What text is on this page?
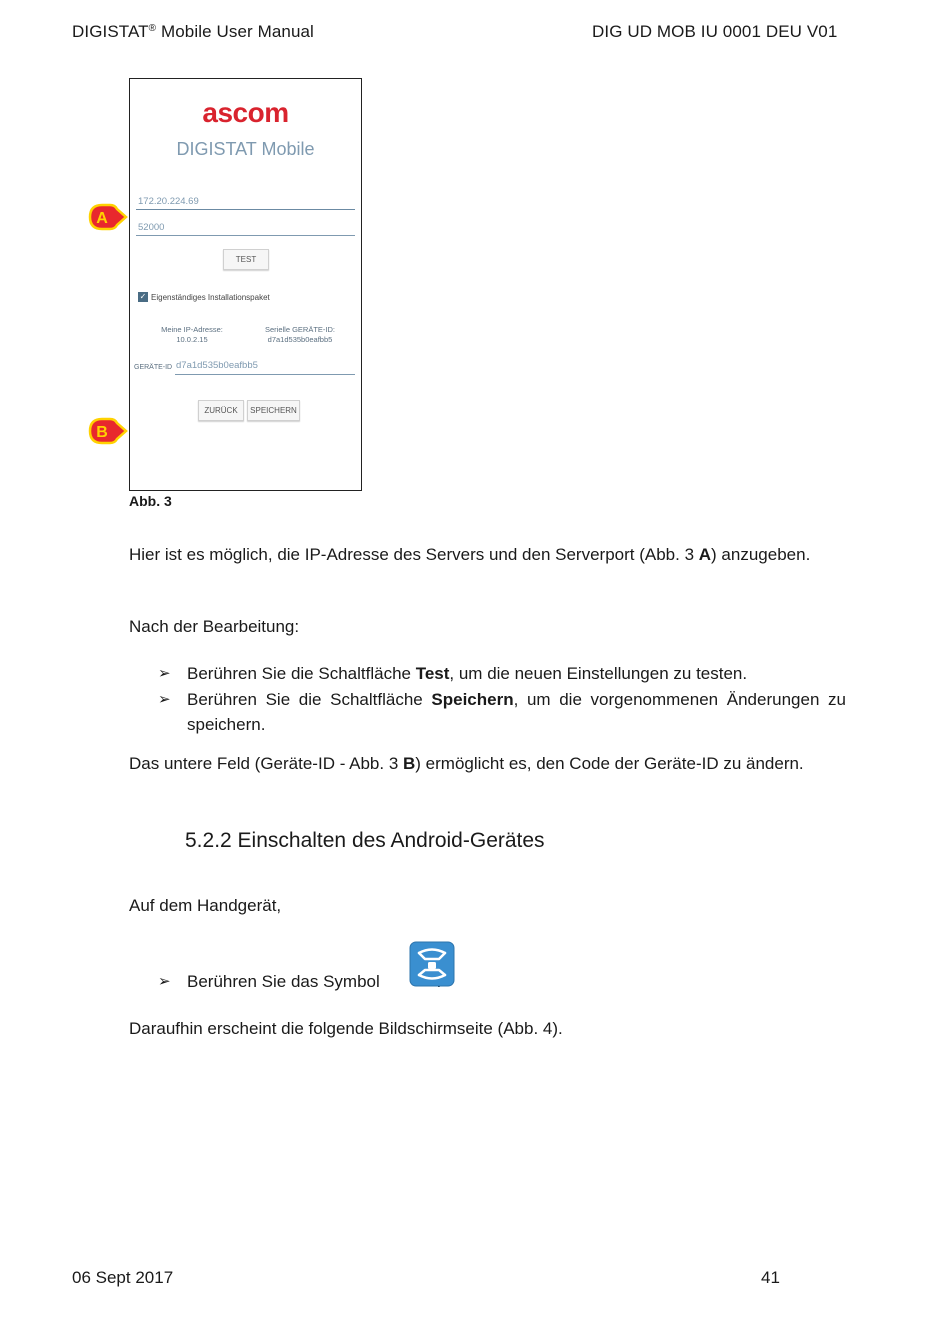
DIGISTAT® Mobile User Manual	DIG UD MOB IU 0001 DEU V01
ascom
DIGISTAT Mobile
172.20.224.69
52000
TEST
✓ Eigenständiges Installationspaket
Meine IP-Adresse:
10.0.2.15
Serielle GERÄTE-ID:
d7a1d535b0eafbb5
GERÄTE-ID d7a1d535b0eafbb5
ZURÜCK	SPEICHERN
A
B
Abb. 3
Hier ist es möglich, die IP-Adresse des Servers und den Serverport (Abb. 3 A) anzugeben.
Nach der Bearbeitung:
➢ Berühren Sie die Schaltfläche Test, um die neuen Einstellungen zu testen.
➢ Berühren Sie die Schaltfläche Speichern, um die vorgenommenen Änderungen zu speichern.
Das untere Feld (Geräte-ID - Abb. 3 B) ermöglicht es, den Code der Geräte-ID zu ändern.
5.2.2 Einschalten des Android-Gerätes
Auf dem Handgerät,
➢ Berühren Sie das Symbol
Daraufhin erscheint die folgende Bildschirmseite (Abb. 4).
06 Sept 2017	41
